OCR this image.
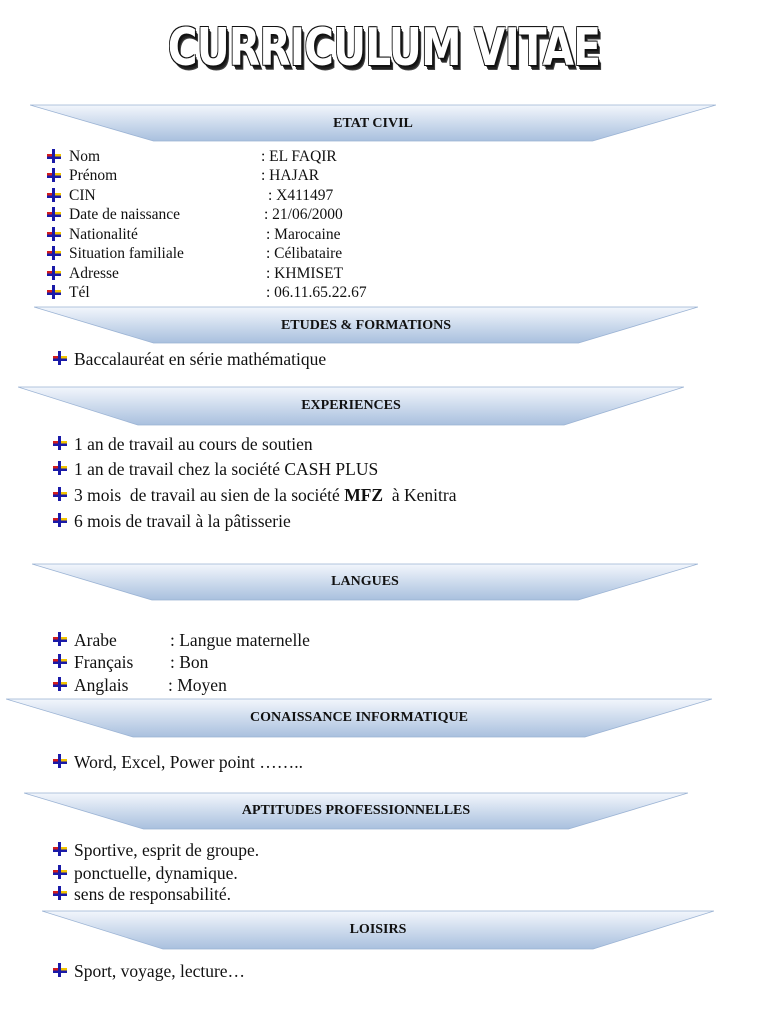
CURRICULUM VITAE
ETAT CIVIL
Nom	: EL FAQIR
Prénom	: HAJAR
CIN	: X411497
Date de naissance	: 21/06/2000
Nationalité	: Marocaine
Situation familiale	: Célibataire
Adresse	: KHMISET
Tél	: 06.11.65.22.67
ETUDES & FORMATIONS
Baccalauréat en série mathématique
EXPERIENCES
1 an de travail au cours de soutien
1 an de travail chez la société CASH PLUS
3 mois  de travail au sien de la société MFZ  à Kenitra
6 mois de travail à la pâtisserie
LANGUES
Arabe	: Langue maternelle
Français : Bon
Anglais : Moyen
CONAISSANCE INFORMATIQUE
Word, Excel, Power point ……..
APTITUDES PROFESSIONNELLES
Sportive, esprit de groupe.
ponctuelle, dynamique.
sens de responsabilité.
LOISIRS
Sport, voyage, lecture…
